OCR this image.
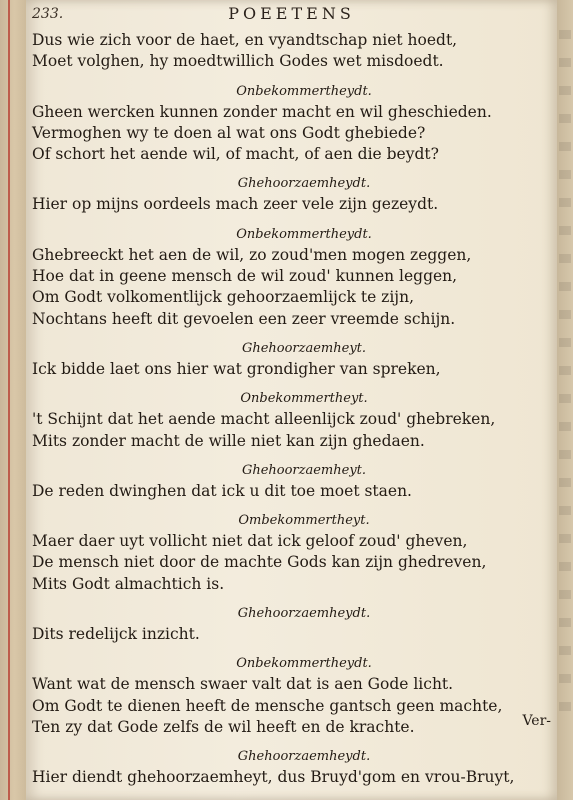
233.	POEETENS
Dus wie zich voor de haet, en vyandtschap niet hoedt,
Moet volghen, hy moedtwillich Godes wet misdoedt.
Onbekommertheydt.
Gheen wercken kunnen zonder macht en wil gheschieden.
Vermoghen wy te doen al wat ons Godt ghebiede?
Of schort het aende wil, of macht, of aen die beydt?
Ghehoorzaemheydt.
Hier op mijns oordeels mach zeer vele zijn gezeydt.
Onbekommertheydt.
Ghebreeckt het aen de wil, zo zoud'men mogen zeggen,
Hoe dat in geene mensch de wil zoud' kunnen leggen,
Om Godt volkomentlijck gehoorzaemlijck te zijn,
Nochtans heeft dit gevoelen een zeer vreemde schijn.
Ghehoorzaemheyt.
Ick bidde laet ons hier wat grondigher van spreken,
Onbekommertheyt.
't Schijnt dat het aende macht alleenlijck zoud' ghebreken,
Mits zonder macht de wille niet kan zijn ghedaen.
Ghehoorzaemheyt.
De reden dwinghen dat ick u dit toe moet staen.
Ombekommertheyt.
Maer daer uyt vollicht niet dat ick geloof zoud' gheven,
De mensch niet door de machte Gods kan zijn ghedreven,
Mits Godt almachtich is.
Ghehoorzaemheydt.
Dits redelijck inzicht.
Onbekommertheydt.
Want wat de mensch swaer valt dat is aen Gode licht.
Om Godt te dienen heeft de mensche gantsch geen machte,
Ten zy dat Gode zelfs de wil heeft en de krachte.
Ghehoorzaemheydt.
Hier diendt ghehoorzaemheyt, dus Bruyd'gom en vrou-Bruyt,
Ver-
